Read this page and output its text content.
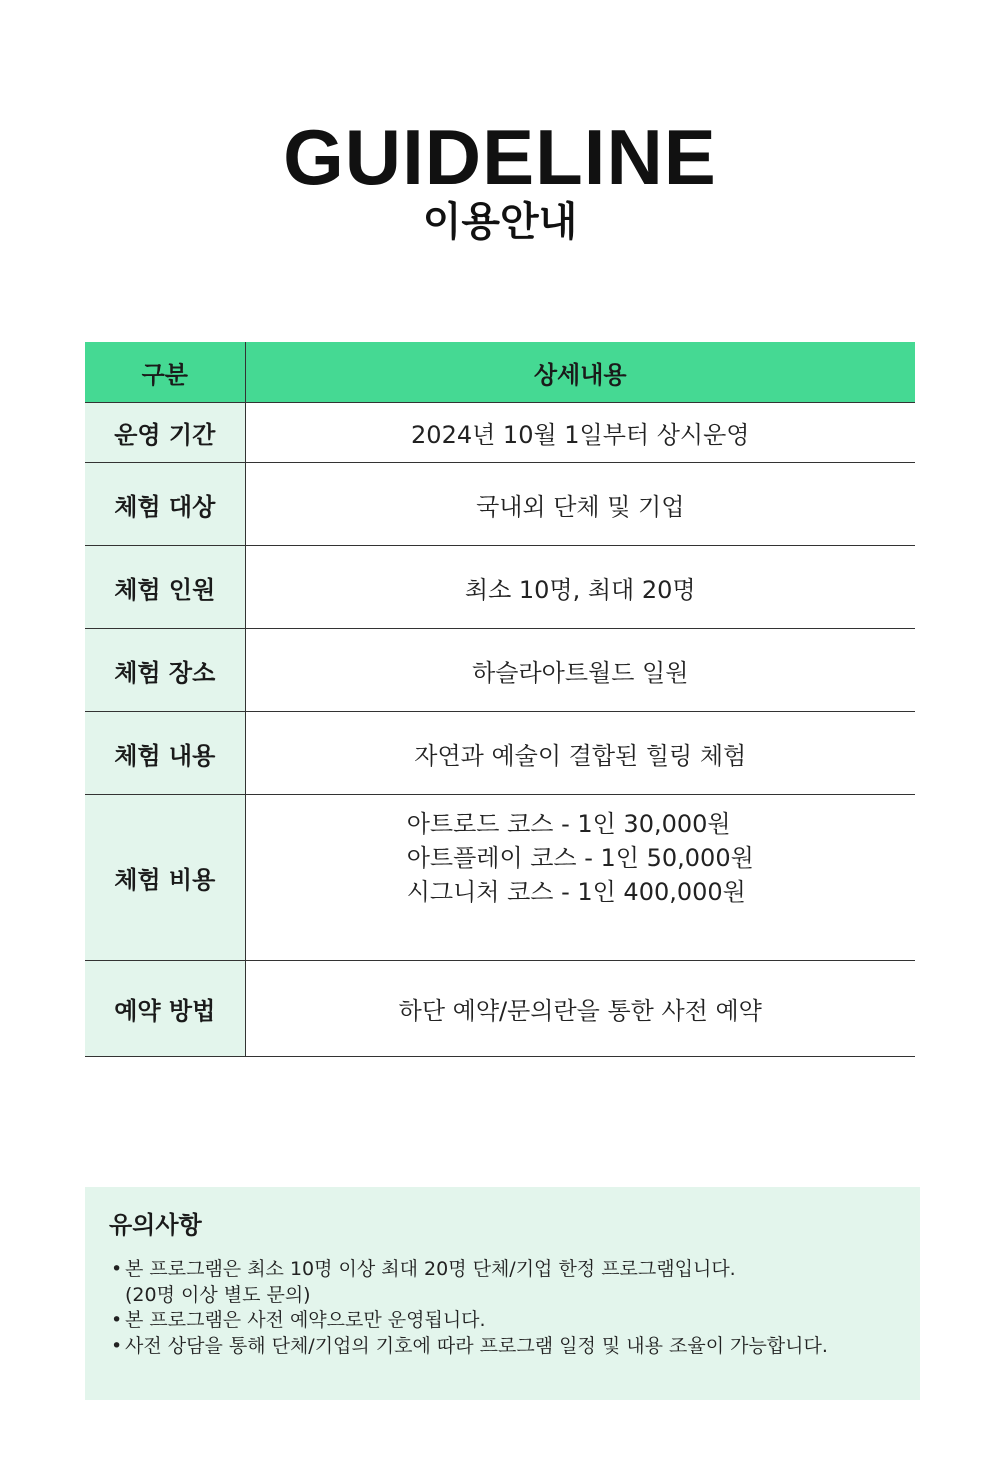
GUIDELINE
이용안내
구분	상세내용
운영 기간	2024년 10월 1일부터 상시운영
체험 대상	국내외 단체 및 기업
체험 인원	최소 10명, 최대 20명
체험 장소	하슬라아트월드 일원
체험 내용	자연과 예술이 결합된 힐링 체험
체험 비용	아트로드 코스 - 1인 30,000원
아트플레이 코스 - 1인 50,000원
시그니처 코스 - 1인 400,000원

예약 방법	하단 예약/문의란을 통한 사전 예약
유의사항
• 본 프로그램은 최소 10명 이상 최대 20명 단체/기업 한정 프로그램입니다.
(20명 이상 별도 문의)
• 본 프로그램은 사전 예약으로만 운영됩니다.
• 사전 상담을 통해 단체/기업의 기호에 따라 프로그램 일정 및 내용 조율이 가능합니다.
